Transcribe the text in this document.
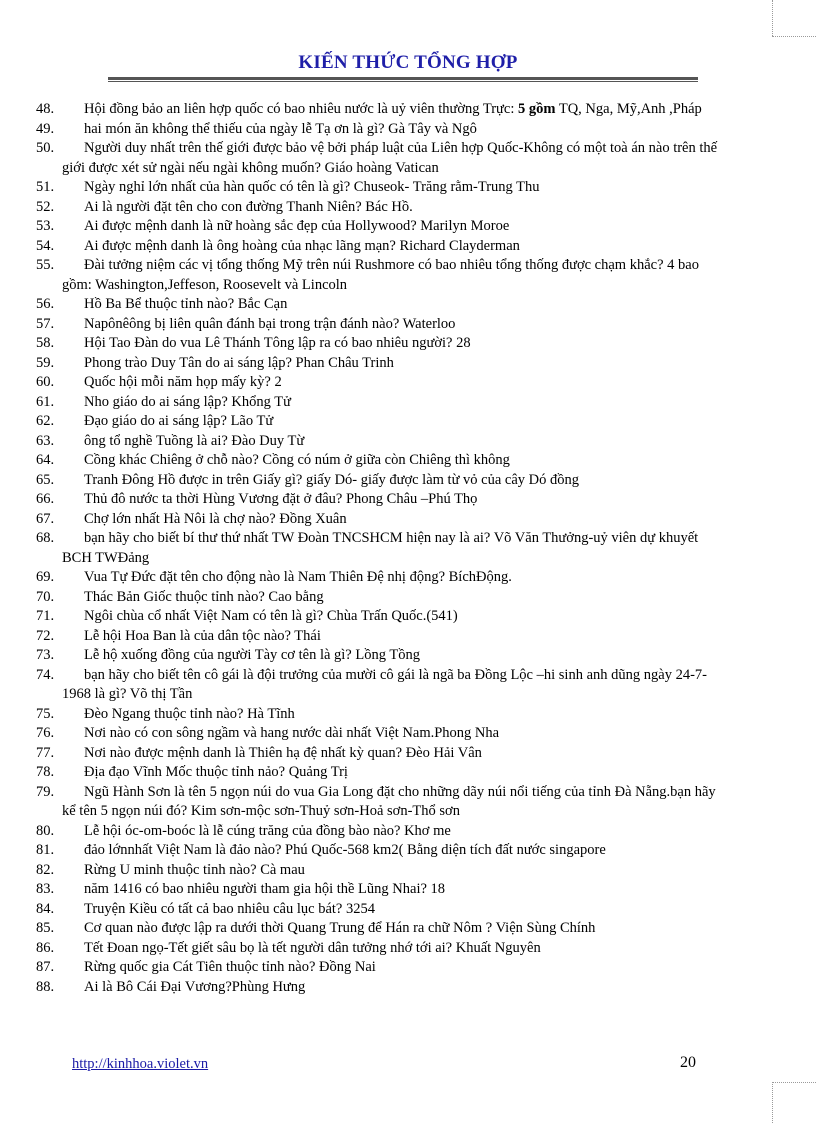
KIẾN THỨC TỔNG HỢP
48.	Hội đồng bảo an liên hợp quốc có bao nhiêu nước là uỷ viên thường Trực: 5 gồm TQ, Nga, Mỹ,Anh ,Pháp
49. hai món ăn không thể thiếu của ngày lễ Tạ ơn là gì? Gà Tây và Ngô
50.	Người duy nhất trên thế giới được bảo vệ bởi pháp luật của Liên hợp Quốc-Không có một toà án nào trên thế giới được xét sử ngài nếu ngài không muốn? Giáo hoàng Vatican
51. Ngày nghỉ lớn nhất của hàn quốc có tên là gì? Chuseok- Trăng rằm-Trung Thu
52. Ai là người đặt tên cho con đường Thanh Niên? Bác Hồ.
53. Ai được mệnh danh là nữ hoàng sắc đẹp của Hollywood? Marilyn Moroe
54. Ai được mệnh danh là ông hoàng của nhạc lãng mạn? Richard Clayderman
55.	Đài tưởng niệm các vị tổng thống Mỹ trên núi Rushmore có bao nhiêu tổng thống được chạm khắc? 4 bao gồm: Washington,Jeffeson, Roosevelt và Lincoln
56. Hồ Ba Bể thuộc tỉnh nào? Bắc Cạn
57. Napônêông bị liên quân đánh bại trong trận đánh nào? Waterloo
58. Hội Tao Đàn do vua Lê Thánh Tông lập ra có bao nhiêu người? 28
59. Phong trào Duy Tân do ai sáng lập? Phan Châu Trinh
60. Quốc hội mỗi năm họp mấy kỳ? 2
61. Nho giáo do ai sáng lập? Khổng Tử
62. Đạo giáo do ai sáng lập? Lão Tử
63. ông tổ nghề Tuồng là ai? Đào Duy Từ
64. Cồng khác Chiêng ở chỗ nào? Cồng có núm ở giữa còn Chiêng thì không
65. Tranh Đông Hồ được in trên Giấy gì? giấy Dó- giấy được làm từ vỏ của cây Dó đồng
66. Thủ đô nước ta thời Hùng Vương đặt ở đâu? Phong Châu –Phú Thọ
67. Chợ lớn nhất Hà Nôi là chợ nào? Đồng Xuân
68.	bạn hãy cho biết bí thư thứ nhất TW Đoàn TNCSHCM hiện nay là ai? Võ Văn Thưởng-uỷ viên dự khuyết BCH TWĐảng
69. Vua Tự Đức đặt tên cho động nào là Nam Thiên Đệ nhị động? BíchĐộng.
70. Thác Bản Giốc thuộc tỉnh nào? Cao bằng
71. Ngôi chùa cổ nhất Việt Nam có tên là gì? Chùa Trấn Quốc.(541)
72. Lễ hội Hoa Ban là của dân tộc nào? Thái
73. Lễ hộ xuống đồng của người Tày cơ tên là gì? Lồng Tồng
74.	bạn hãy cho biết tên cô gái là đội trưởng của mười cô gái là ngã ba Đồng Lộc –hi sinh anh dũng ngày 24-7-1968 là gì? Võ thị Tần
75. Đèo Ngang thuộc tỉnh nào? Hà Tĩnh
76. Nơi nào có con sông ngầm và hang nước dài nhất Việt Nam.Phong Nha
77. Nơi nào được mệnh danh là Thiên hạ đệ nhất kỳ quan? Đèo Hải Vân
78. Địa đạo Vĩnh Mốc thuộc tỉnh nảo? Quảng Trị
79.	Ngũ Hành Sơn là tên 5 ngọn núi do vua Gia Long đặt cho những dãy núi nổi tiếng của tỉnh Đà Nẵng.bạn hãy kể tên 5 ngọn núi đó? Kim sơn-mộc sơn-Thuỷ sơn-Hoả sơn-Thổ sơn
80. Lễ hội óc-om-boóc là lễ cúng trăng của đồng bào nào? Khơ me
81. đảo lớnnhất Việt Nam là đảo nào? Phú Quốc-568 km2( Bằng diện tích đất nước singapore
82. Rừng U minh thuộc tỉnh nào? Cà mau
83. năm 1416 có bao nhiêu người tham gia hội thề Lũng Nhai? 18
84. Truyện Kiều có tất cả bao nhiêu câu lục bát? 3254
85. Cơ quan nào được lập ra dưới thời Quang Trung để Hán ra chữ Nôm ? Viện Sùng Chính
86. Tết Đoan ngọ-Tết giết sâu bọ là tết người dân tưởng nhớ tới ai? Khuất Nguyên
87. Rừng quốc gia Cát Tiên thuộc tỉnh nào? Đồng Nai
88. Ai là Bô Cái Đại Vương?Phùng Hưng
http://kinhhoa.violet.vn	20
